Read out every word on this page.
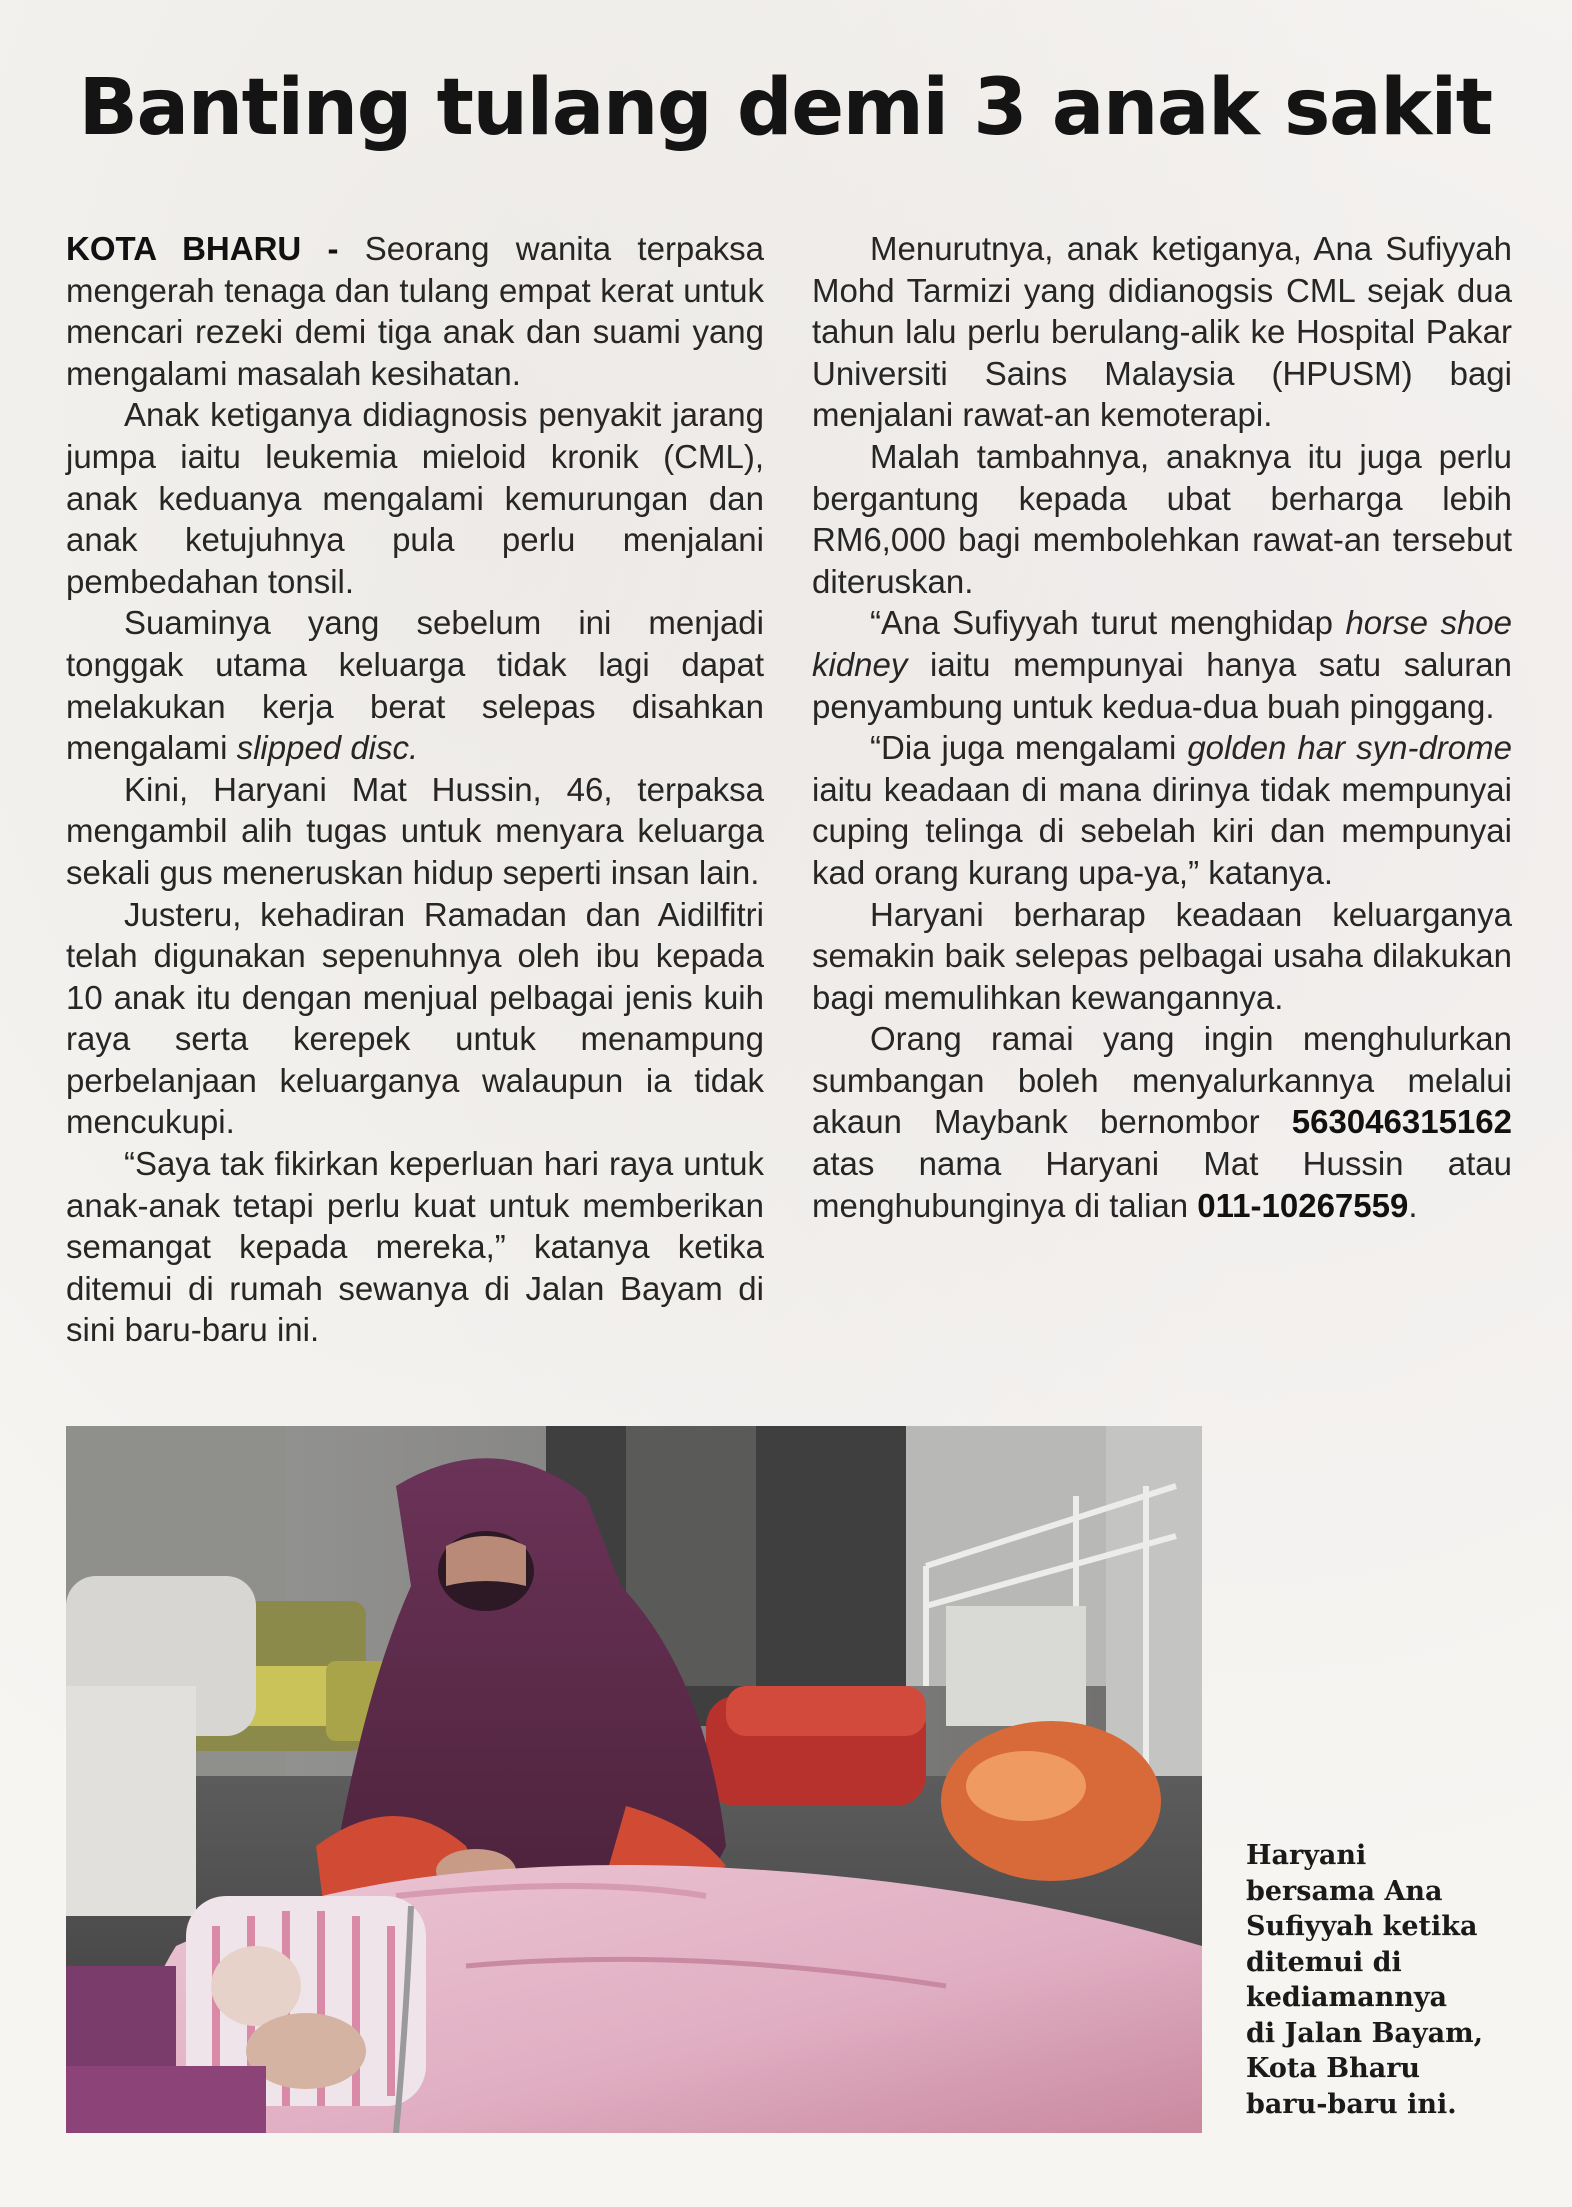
Banting tulang demi 3 anak sakit

KOTA BHARU - Seorang wanita terpaksa mengerah tenaga dan tulang empat kerat untuk mencari rezeki demi tiga anak dan suami yang mengalami masalah kesihatan.

Anak ketiganya didiagnosis penyakit jarang jumpa iaitu leukemia mieloid kronik (CML), anak keduanya mengalami kemurungan dan anak ketujuhnya pula perlu menjalani pembedahan tonsil.

Suaminya yang sebelum ini menjadi tonggak utama keluarga tidak lagi dapat melakukan kerja berat selepas disahkan mengalami slipped disc.

Kini, Haryani Mat Hussin, 46, terpaksa mengambil alih tugas untuk menyara keluarga sekali gus meneruskan hidup seperti insan lain.

Justeru, kehadiran Ramadan dan Aidilfitri telah digunakan sepenuhnya oleh ibu kepada 10 anak itu dengan menjual pelbagai jenis kuih raya serta kerepek untuk menampung perbelanjaan keluarganya walaupun ia tidak mencukupi.

“Saya tak fikirkan keperluan hari raya untuk anak-anak tetapi perlu kuat untuk memberikan semangat kepada mereka,” katanya ketika ditemui di rumah sewanya di Jalan Bayam di sini baru-baru ini.

Menurutnya, anak ketiganya, Ana Sufiyyah Mohd Tarmizi yang didianogsis CML sejak dua tahun lalu perlu berulang-alik ke Hospital Pakar Universiti Sains Malaysia (HPUSM) bagi menjalani rawat-an kemoterapi.

Malah tambahnya, anaknya itu juga perlu bergantung kepada ubat berharga lebih RM6,000 bagi membolehkan rawat-an tersebut diteruskan.

“Ana Sufiyyah turut menghidap horse shoe kidney iaitu mempunyai hanya satu saluran penyambung untuk kedua-dua buah pinggang.

“Dia juga mengalami golden har syn-drome iaitu keadaan di mana dirinya tidak mempunyai cuping telinga di sebelah kiri dan mempunyai kad orang kurang upa-ya,” katanya.

Haryani berharap keadaan keluarganya semakin baik selepas pelbagai usaha dilakukan bagi memulihkan kewangannya.

Orang ramai yang ingin menghulurkan sumbangan boleh menyalurkannya melalui akaun Maybank bernombor 563046315162 atas nama Haryani Mat Hussin atau menghubunginya di talian 011-10267559.

Haryani
bersama Ana
Sufiyyah ketika
ditemui di
kediamannya
di Jalan Bayam,
Kota Bharu
baru-baru ini.
